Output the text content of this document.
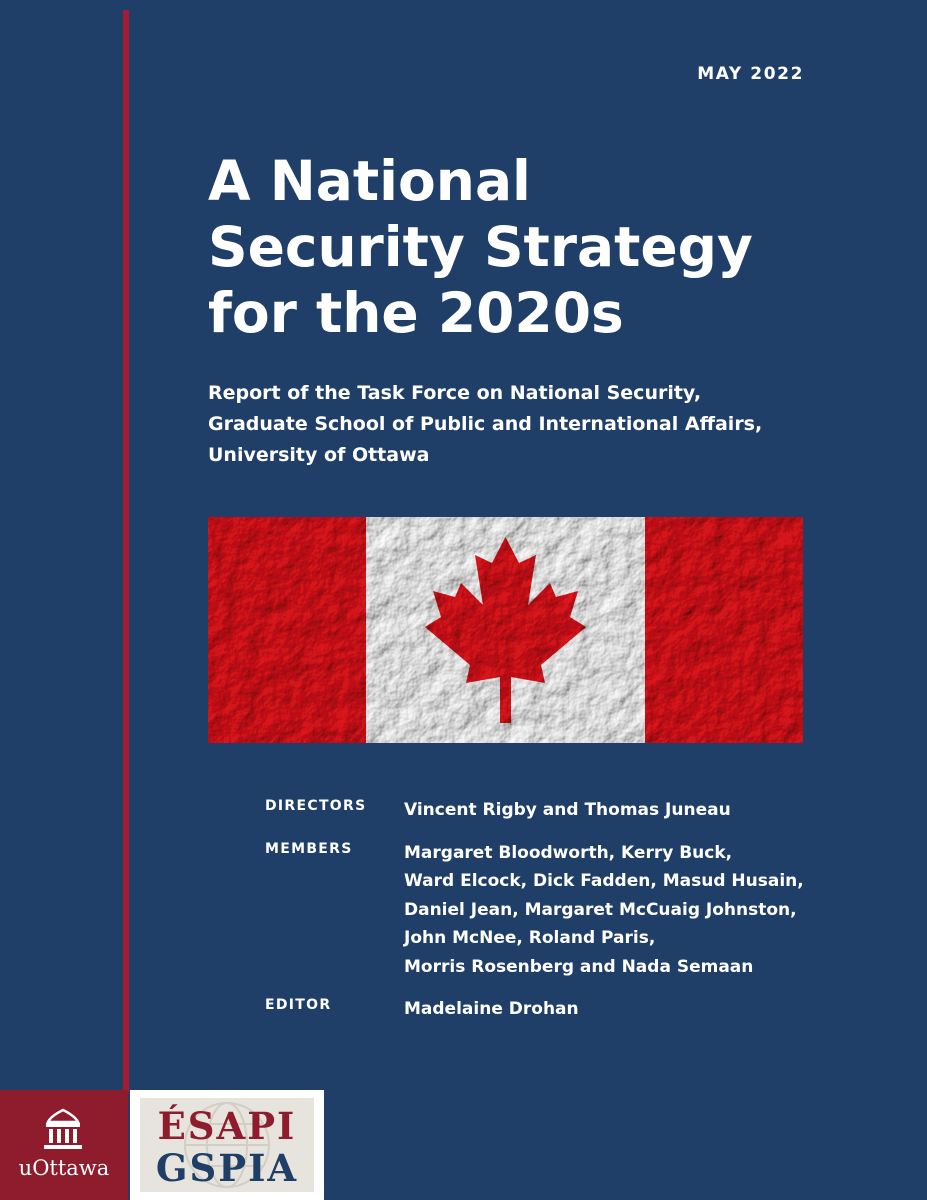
MAY 2022
A National
Security Strategy
for the 2020s
Report of the Task Force on National Security,
Graduate School of Public and International Affairs,
University of Ottawa
DIRECTORS Vincent Rigby and Thomas Juneau
MEMBERS	Margaret Bloodworth, Kerry Buck,
Ward Elcock, Dick Fadden, Masud Husain,
Daniel Jean, Margaret McCuaig Johnston,
John McNee, Roland Paris,
Morris Rosenberg and Nada Semaan
EDITOR	Madelaine Drohan
uOttawa
ÉSAPI
GSPIA
